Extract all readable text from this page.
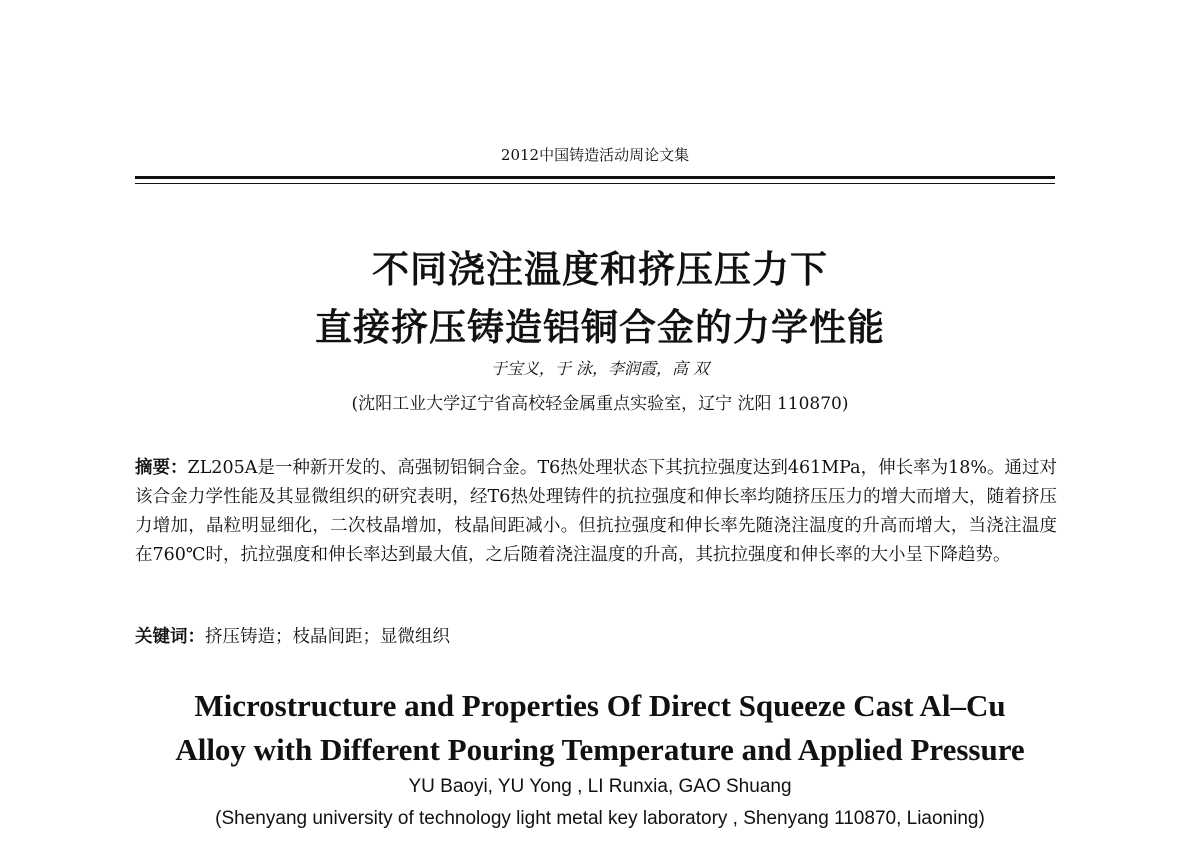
2012中国铸造活动周论文集
不同浇注温度和挤压压力下
直接挤压铸造铝铜合金的力学性能
于宝义，于 泳，李润霞，高 双
(沈阳工业大学辽宁省高校轻金属重点实验室，辽宁 沈阳 110870)
摘要：ZL205A是一种新开发的、高强韧铝铜合金。T6热处理状态下其抗拉强度达到461MPa，伸长率为18%。通过对该合金力学性能及其显微组织的研究表明，经T6热处理铸件的抗拉强度和伸长率均随挤压压力的增大而增大，随着挤压力增加，晶粒明显细化，二次枝晶增加，枝晶间距减小。但抗拉强度和伸长率先随浇注温度的升高而增大，当浇注温度在760℃时，抗拉强度和伸长率达到最大值，之后随着浇注温度的升高，其抗拉强度和伸长率的大小呈下降趋势。
关键词：挤压铸造；枝晶间距；显微组织
Microstructure and Properties Of Direct Squeeze Cast Al–Cu
Alloy with Different Pouring Temperature and Applied Pressure
YU Baoyi, YU Yong , LI Runxia, GAO Shuang
(Shenyang university of technology light metal key laboratory , Shenyang 110870, Liaoning)
